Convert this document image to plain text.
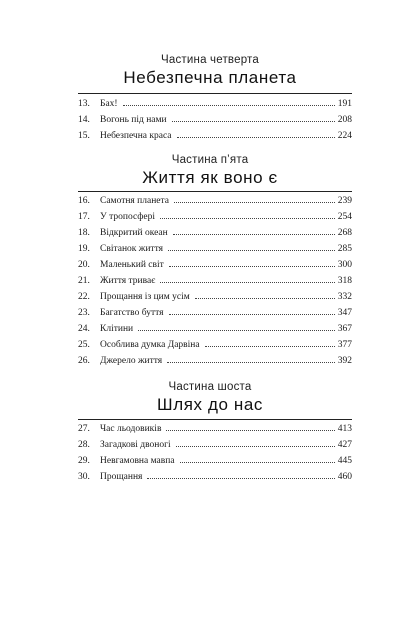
Частина четверта
Небезпечна планета
13.	Бах!	191
14.	Вогонь під нами	208
15.	Небезпечна краса	224
Частина п’ята
Життя як воно є
16.	Самотня планета	239
17.	У тропосфері	254
18.	Відкритий океан	268
19.	Світанок життя	285
20.	Маленький світ	300
21.	Життя триває	318
22.	Прощання із цим усім	332
23.	Багатство буття	347
24.	Клітини	367
25.	Особлива думка Дарвіна	377
26.	Джерело життя	392
Частина шоста
Шлях до нас
27.	Час льодовиків	413
28.	Загадкові двоногі	427
29.	Невгамовна мавпа	445
30.	Прощання	460
